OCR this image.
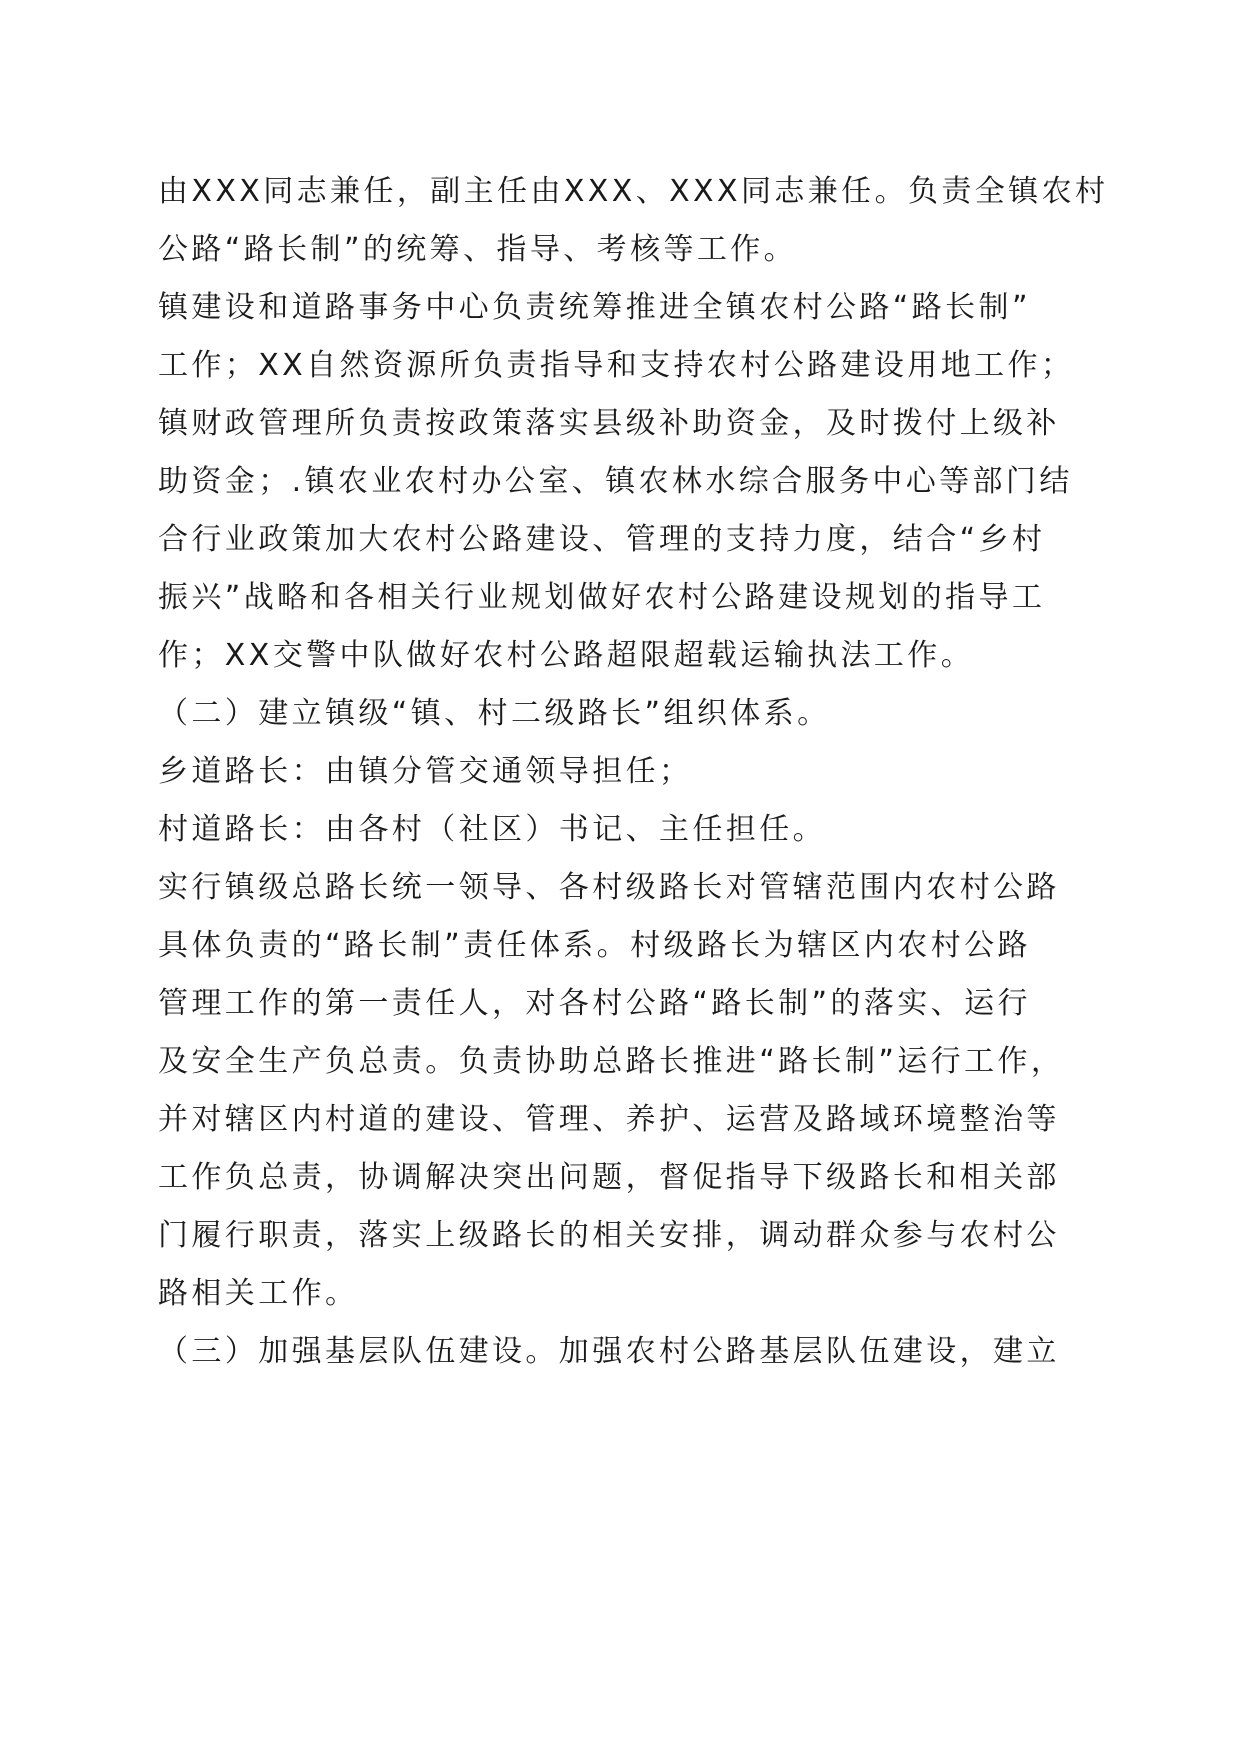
由XXX同志兼任，副主任由XXX、XXX同志兼任。负责全镇农村
公路“路长制”的统筹、指导、考核等工作。
镇建设和道路事务中心负责统筹推进全镇农村公路“路长制”
工作；XX自然资源所负责指导和支持农村公路建设用地工作；
镇财政管理所负责按政策落实县级补助资金，及时拨付上级补
助资金；.镇农业农村办公室、镇农林水综合服务中心等部门结
合行业政策加大农村公路建设、管理的支持力度，结合“乡村
振兴”战略和各相关行业规划做好农村公路建设规划的指导工
作；XX交警中队做好农村公路超限超载运输执法工作。
（二）建立镇级“镇、村二级路长”组织体系。
乡道路长：由镇分管交通领导担任；
村道路长：由各村（社区）书记、主任担任。
实行镇级总路长统一领导、各村级路长对管辖范围内农村公路
具体负责的“路长制”责任体系。村级路长为辖区内农村公路
管理工作的第一责任人，对各村公路“路长制”的落实、运行
及安全生产负总责。负责协助总路长推进“路长制”运行工作，
并对辖区内村道的建设、管理、养护、运营及路域环境整治等
工作负总责，协调解决突出问题，督促指导下级路长和相关部
门履行职责，落实上级路长的相关安排，调动群众参与农村公
路相关工作。
（三）加强基层队伍建设。加强农村公路基层队伍建设，建立
